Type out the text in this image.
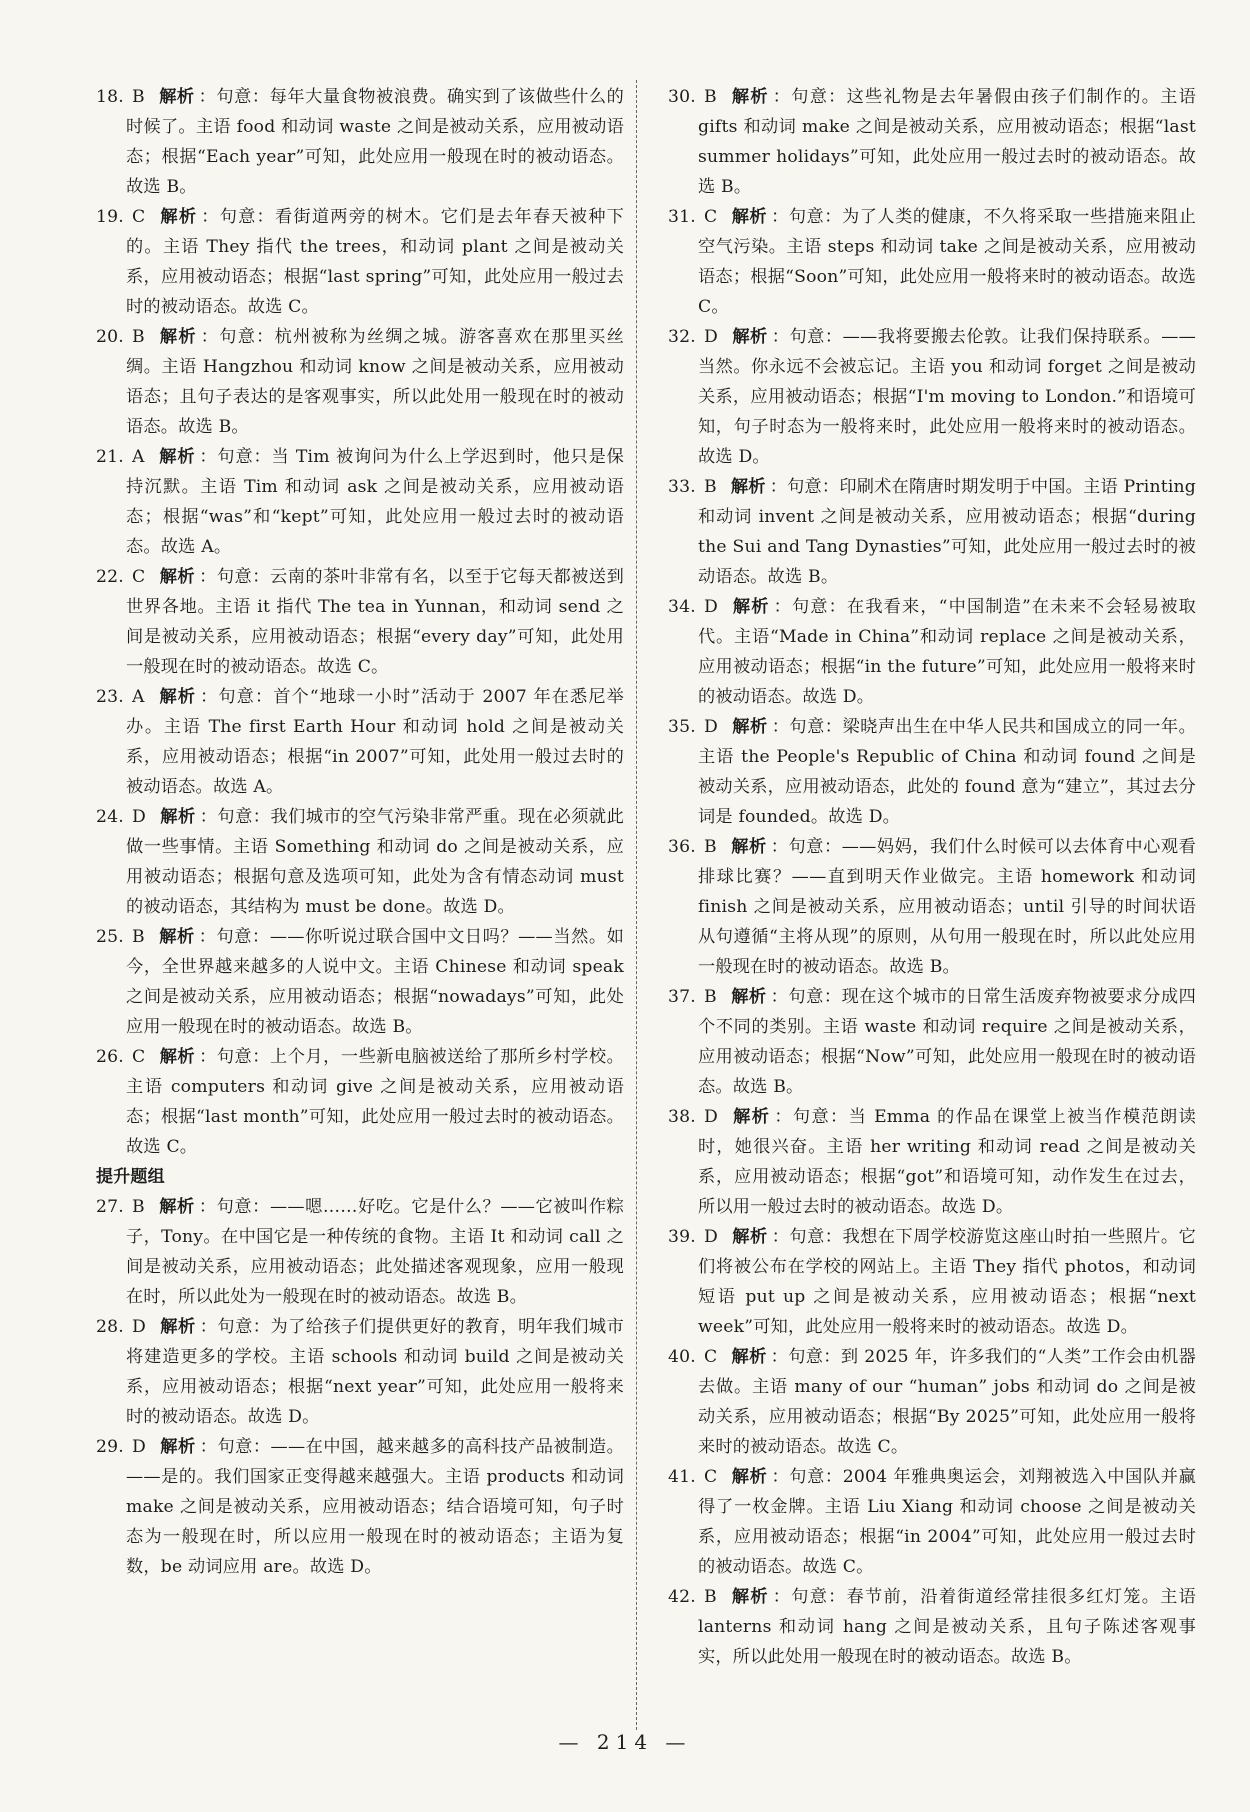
18. B 解析 ：句意：每年大量食物被浪费。确实到了该做些什么的时候了。主语 food 和动词 waste 之间是被动关系，应用被动语态；根据“Each year”可知，此处应用一般现在时的被动语态。故选 B。
19. C 解析 ：句意：看街道两旁的树木。它们是去年春天被种下的。主语 They 指代 the trees，和动词 plant 之间是被动关系，应用被动语态；根据“last spring”可知，此处应用一般过去时的被动语态。故选 C。
20. B 解析 ：句意：杭州被称为丝绸之城。游客喜欢在那里买丝绸。主语 Hangzhou 和动词 know 之间是被动关系，应用被动语态；且句子表达的是客观事实，所以此处用一般现在时的被动语态。故选 B。
21. A 解析 ：句意：当 Tim 被询问为什么上学迟到时，他只是保持沉默。主语 Tim 和动词 ask 之间是被动关系，应用被动语态；根据“was”和“kept”可知，此处应用一般过去时的被动语态。故选 A。
22. C 解析 ：句意：云南的茶叶非常有名，以至于它每天都被送到世界各地。主语 it 指代 The tea in Yunnan，和动词 send 之间是被动关系，应用被动语态；根据“every day”可知，此处用一般现在时的被动语态。故选 C。
23. A 解析 ：句意：首个“地球一小时”活动于 2007 年在悉尼举办。主语 The first Earth Hour 和动词 hold 之间是被动关系，应用被动语态；根据“in 2007”可知，此处用一般过去时的被动语态。故选 A。
24. D 解析 ：句意：我们城市的空气污染非常严重。现在必须就此做一些事情。主语 Something 和动词 do 之间是被动关系，应用被动语态；根据句意及选项可知，此处为含有情态动词 must 的被动语态，其结构为 must be done。故选 D。
25. B 解析 ：句意：——你听说过联合国中文日吗？——当然。如今，全世界越来越多的人说中文。主语 Chinese 和动词 speak 之间是被动关系，应用被动语态；根据“nowadays”可知，此处应用一般现在时的被动语态。故选 B。
26. C 解析 ：句意：上个月，一些新电脑被送给了那所乡村学校。主语 computers 和动词 give 之间是被动关系，应用被动语态；根据“last month”可知，此处应用一般过去时的被动语态。故选 C。
提升题组
27. B 解析 ：句意：——嗯……好吃。它是什么？——它被叫作粽子，Tony。在中国它是一种传统的食物。主语 It 和动词 call 之间是被动关系，应用被动语态；此处描述客观现象，应用一般现在时，所以此处为一般现在时的被动语态。故选 B。
28. D 解析 ：句意：为了给孩子们提供更好的教育，明年我们城市将建造更多的学校。主语 schools 和动词 build 之间是被动关系，应用被动语态；根据“next year”可知，此处应用一般将来时的被动语态。故选 D。
29. D 解析 ：句意：——在中国，越来越多的高科技产品被制造。——是的。我们国家正变得越来越强大。主语 products 和动词 make 之间是被动关系，应用被动语态；结合语境可知，句子时态为一般现在时，所以应用一般现在时的被动语态；主语为复数，be 动词应用 are。故选 D。
30. B 解析 ：句意：这些礼物是去年暑假由孩子们制作的。主语 gifts 和动词 make 之间是被动关系，应用被动语态；根据“last summer holidays”可知，此处应用一般过去时的被动语态。故选 B。
31. C 解析 ：句意：为了人类的健康，不久将采取一些措施来阻止空气污染。主语 steps 和动词 take 之间是被动关系，应用被动语态；根据“Soon”可知，此处应用一般将来时的被动语态。故选 C。
32. D 解析 ：句意：——我将要搬去伦敦。让我们保持联系。——当然。你永远不会被忘记。主语 you 和动词 forget 之间是被动关系，应用被动语态；根据“I'm moving to London.”和语境可知，句子时态为一般将来时，此处应用一般将来时的被动语态。故选 D。
33. B 解析 ：句意：印刷术在隋唐时期发明于中国。主语 Printing 和动词 invent 之间是被动关系，应用被动语态；根据“during the Sui and Tang Dynasties”可知，此处应用一般过去时的被动语态。故选 B。
34. D 解析 ：句意：在我看来，“中国制造”在未来不会轻易被取代。主语“Made in China”和动词 replace 之间是被动关系，应用被动语态；根据“in the future”可知，此处应用一般将来时的被动语态。故选 D。
35. D 解析 ：句意：梁晓声出生在中华人民共和国成立的同一年。主语 the People's Republic of China 和动词 found 之间是被动关系，应用被动语态，此处的 found 意为“建立”，其过去分词是 founded。故选 D。
36. B 解析 ：句意：——妈妈，我们什么时候可以去体育中心观看排球比赛？——直到明天作业做完。主语 homework 和动词 finish 之间是被动关系，应用被动语态；until 引导的时间状语从句遵循“主将从现”的原则，从句用一般现在时，所以此处应用一般现在时的被动语态。故选 B。
37. B 解析 ：句意：现在这个城市的日常生活废弃物被要求分成四个不同的类别。主语 waste 和动词 require 之间是被动关系，应用被动语态；根据“Now”可知，此处应用一般现在时的被动语态。故选 B。
38. D 解析 ：句意：当 Emma 的作品在课堂上被当作模范朗读时，她很兴奋。主语 her writing 和动词 read 之间是被动关系，应用被动语态；根据“got”和语境可知，动作发生在过去，所以用一般过去时的被动语态。故选 D。
39. D 解析 ：句意：我想在下周学校游览这座山时拍一些照片。它们将被公布在学校的网站上。主语 They 指代 photos，和动词短语 put up 之间是被动关系，应用被动语态；根据“next week”可知，此处应用一般将来时的被动语态。故选 D。
40. C 解析 ：句意：到 2025 年，许多我们的“人类”工作会由机器去做。主语 many of our “human” jobs 和动词 do 之间是被动关系，应用被动语态；根据“By 2025”可知，此处应用一般将来时的被动语态。故选 C。
41. C 解析 ：句意：2004 年雅典奥运会，刘翔被选入中国队并赢得了一枚金牌。主语 Liu Xiang 和动词 choose 之间是被动关系，应用被动语态；根据“in 2004”可知，此处应用一般过去时的被动语态。故选 C。
42. B 解析 ：句意：春节前，沿着街道经常挂很多红灯笼。主语 lanterns 和动词 hang 之间是被动关系，且句子陈述客观事实，所以此处用一般现在时的被动语态。故选 B。
— 214 —
